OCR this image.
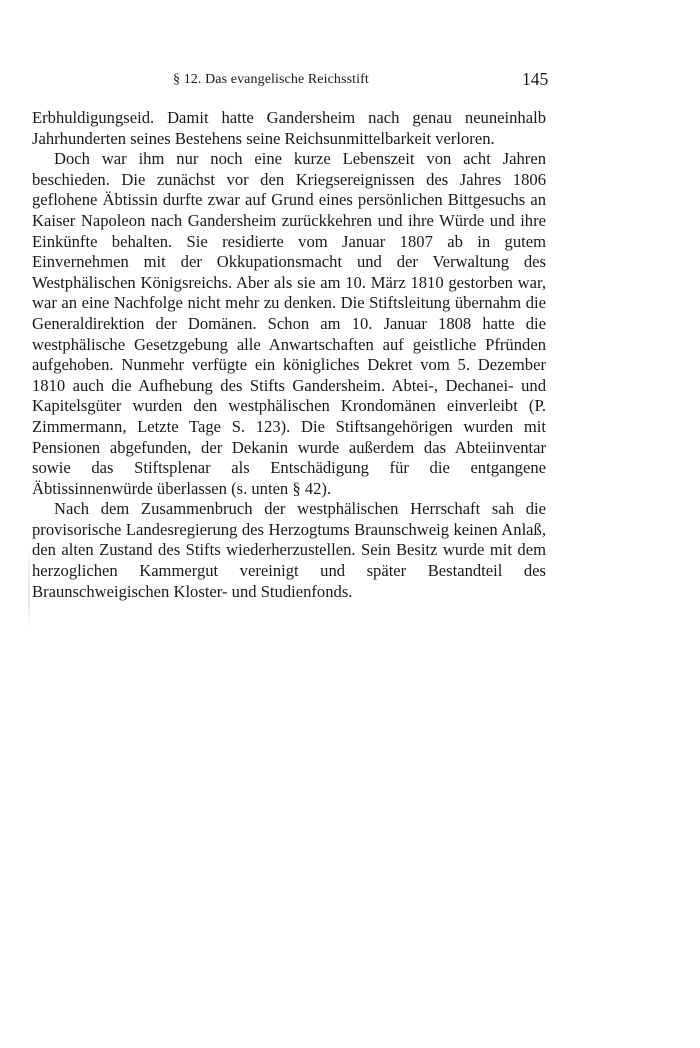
§ 12. Das evangelische Reichsstift	145

Erbhuldigungseid. Damit hatte Gandersheim nach genau neuneinhalb Jahrhunderten seines Bestehens seine Reichsunmittelbarkeit verloren.

Doch war ihm nur noch eine kurze Lebenszeit von acht Jahren beschieden. Die zunächst vor den Kriegsereignissen des Jahres 1806 geflohene Äbtissin durfte zwar auf Grund eines persönlichen Bittgesuchs an Kaiser Napoleon nach Gandersheim zurückkehren und ihre Würde und ihre Einkünfte behalten. Sie residierte vom Januar 1807 ab in gutem Einvernehmen mit der Okkupationsmacht und der Verwaltung des Westphälischen Königsreichs. Aber als sie am 10. März 1810 gestorben war, war an eine Nachfolge nicht mehr zu denken. Die Stiftsleitung übernahm die Generaldirektion der Domänen. Schon am 10. Januar 1808 hatte die westphälische Gesetzgebung alle Anwartschaften auf geistliche Pfründen aufgehoben. Nunmehr verfügte ein königliches Dekret vom 5. Dezember 1810 auch die Aufhebung des Stifts Gandersheim. Abtei-, Dechanei- und Kapitelsgüter wurden den westphälischen Krondomänen einverleibt (P. Zimmermann, Letzte Tage S. 123). Die Stiftsangehörigen wurden mit Pensionen abgefunden, der Dekanin wurde außerdem das Abteiinventar sowie das Stiftsplenar als Entschädigung für die entgangene Äbtissinnenwürde überlassen (s. unten § 42).

Nach dem Zusammenbruch der westphälischen Herrschaft sah die provisorische Landesregierung des Herzogtums Braunschweig keinen Anlaß, den alten Zustand des Stifts wiederherzustellen. Sein Besitz wurde mit dem herzoglichen Kammergut vereinigt und später Bestandteil des Braunschweigischen Kloster- und Studienfonds.
